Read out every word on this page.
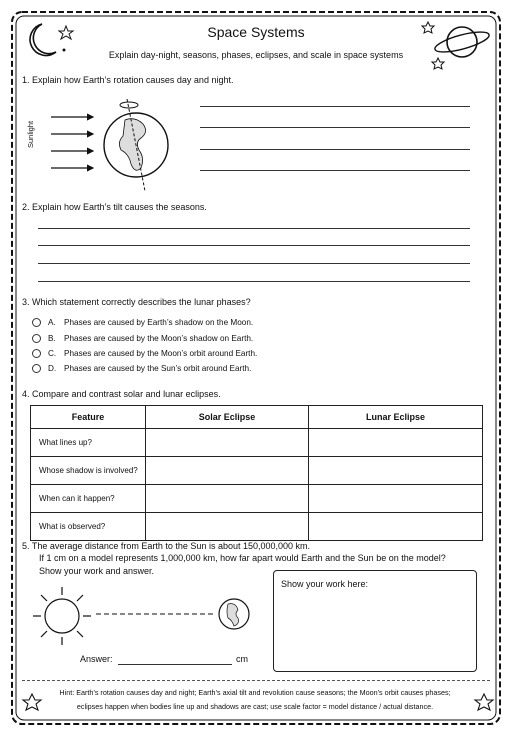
Space Systems
Explain day-night, seasons, phases, eclipses, and scale in space systems
1. Explain how Earth’s rotation causes day and night.
Sunlight
2. Explain how Earth’s tilt causes the seasons.
3. Which statement correctly describes the lunar phases?
A.	Phases are caused by Earth’s shadow on the Moon.
B.	Phases are caused by the Moon’s shadow on Earth.
C. Phases are caused by the Moon’s orbit around Earth.
D. Phases are caused by the Sun’s orbit around Earth.
4. Compare and contrast solar and lunar eclipses.
Feature	Solar Eclipse	Lunar Eclipse
What lines up?		
Whose shadow is involved?		
When can it happen?		
What is observed?		
5. The average distance from Earth to the Sun is about 150,000,000 km.
If 1 cm on a model represents 1,000,000 km, how far apart would Earth and the Sun be on the model?
Show your work and answer.
Show your work here:
Answer:	cm
Hint: Earth’s rotation causes day and night; Earth’s axial tilt and revolution cause seasons; the Moon’s orbit causes phases;
eclipses happen when bodies line up and shadows are cast; use scale factor = model distance / actual distance.
